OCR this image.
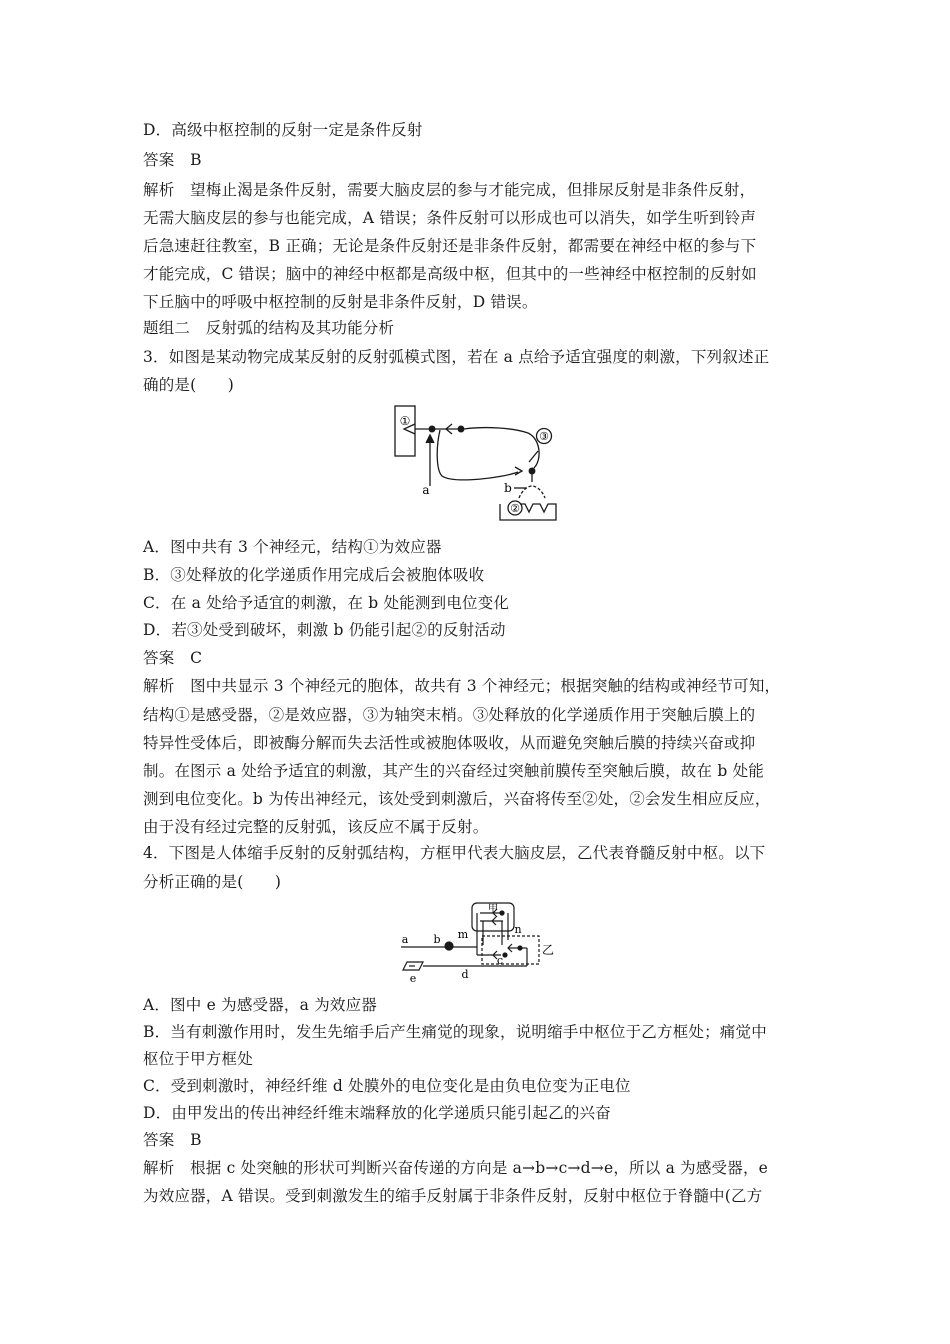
D．高级中枢控制的反射一定是条件反射
答案　B
解析　望梅止渴是条件反射，需要大脑皮层的参与才能完成，但排尿反射是非条件反射，
无需大脑皮层的参与也能完成，A 错误；条件反射可以形成也可以消失，如学生听到铃声
后急速赶往教室，B 正确；无论是条件反射还是非条件反射，都需要在神经中枢的参与下
才能完成，C 错误；脑中的神经中枢都是高级中枢，但其中的一些神经中枢控制的反射如
下丘脑中的呼吸中枢控制的反射是非条件反射，D 错误。
题组二　反射弧的结构及其功能分析
3．如图是某动物完成某反射的反射弧模式图，若在 a 点给予适宜强度的刺激，下列叙述正
确的是(　　)
①
③
②
a	b
A．图中共有 3 个神经元，结构①为效应器
B．③处释放的化学递质作用完成后会被胞体吸收
C．在 a 处给予适宜的刺激，在 b 处能测到电位变化
D．若③处受到破坏，刺激 b 仍能引起②的反射活动
答案　C
解析　图中共显示 3 个神经元的胞体，故共有 3 个神经元；根据突触的结构或神经节可知，
结构①是感受器，②是效应器，③为轴突末梢。③处释放的化学递质作用于突触后膜上的
特异性受体后，即被酶分解而失去活性或被胞体吸收，从而避免突触后膜的持续兴奋或抑
制。在图示 a 处给予适宜的刺激，其产生的兴奋经过突触前膜传至突触后膜，故在 b 处能
测到电位变化。b 为传出神经元，该处受到刺激后，兴奋将传至②处，②会发生相应反应，
由于没有经过完整的反射弧，该反应不属于反射。
4．下图是人体缩手反射的反射弧结构，方框甲代表大脑皮层，乙代表脊髓反射中枢。以下
分析正确的是(　　)
甲
乙
a b m	n
c
d
e
A．图中 e 为感受器，a 为效应器
B．当有刺激作用时，发生先缩手后产生痛觉的现象，说明缩手中枢位于乙方框处；痛觉中
枢位于甲方框处
C．受到刺激时，神经纤维 d 处膜外的电位变化是由负电位变为正电位
D．由甲发出的传出神经纤维末端释放的化学递质只能引起乙的兴奋
答案　B
解析　根据 c 处突触的形状可判断兴奋传递的方向是 a→b→c→d→e，所以 a 为感受器，e
为效应器，A 错误。受到刺激发生的缩手反射属于非条件反射，反射中枢位于脊髓中(乙方
